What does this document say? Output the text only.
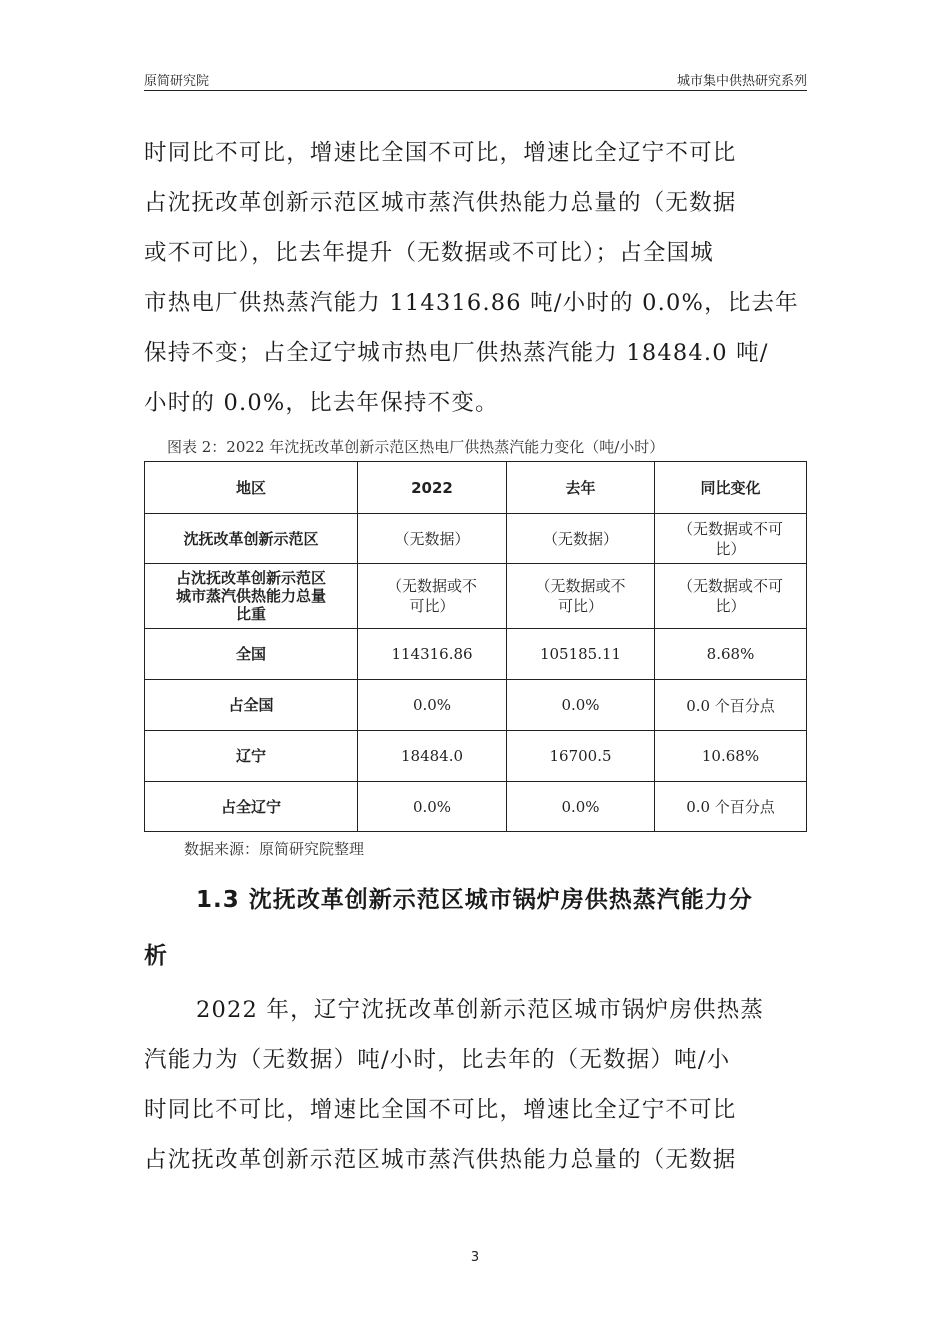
原简研究院	城市集中供热研究系列

时同比不可比，增速比全国不可比，增速比全辽宁不可比
占沈抚改革创新示范区城市蒸汽供热能力总量的（无数据
或不可比），比去年提升（无数据或不可比）；占全国城
市热电厂供热蒸汽能力 114316.86 吨/小时的 0.0%，比去年
保持不变；占全辽宁城市热电厂供热蒸汽能力 18484.0 吨/
小时的 0.0%，比去年保持不变。

图表 2：2022 年沈抚改革创新示范区热电厂供热蒸汽能力变化（吨/小时）
地区	2022	去年	同比变化
沈抚改革创新示范区	（无数据）	（无数据）	（无数据或不可
比）
占沈抚改革创新示范区
城市蒸汽供热能力总量
比重	（无数据或不
可比）	（无数据或不
可比）	（无数据或不可
比）
全国	114316.86	105185.11	8.68%
占全国	0.0%	0.0%	0.0 个百分点
辽宁	18484.0	16700.5	10.68%
占全辽宁	0.0%	0.0%	0.0 个百分点
数据来源：原简研究院整理
1.3 沈抚改革创新示范区城市锅炉房供热蒸汽能力分
析

2022 年，辽宁沈抚改革创新示范区城市锅炉房供热蒸
汽能力为（无数据）吨/小时，比去年的（无数据）吨/小
时同比不可比，增速比全国不可比，增速比全辽宁不可比
占沈抚改革创新示范区城市蒸汽供热能力总量的（无数据

3
